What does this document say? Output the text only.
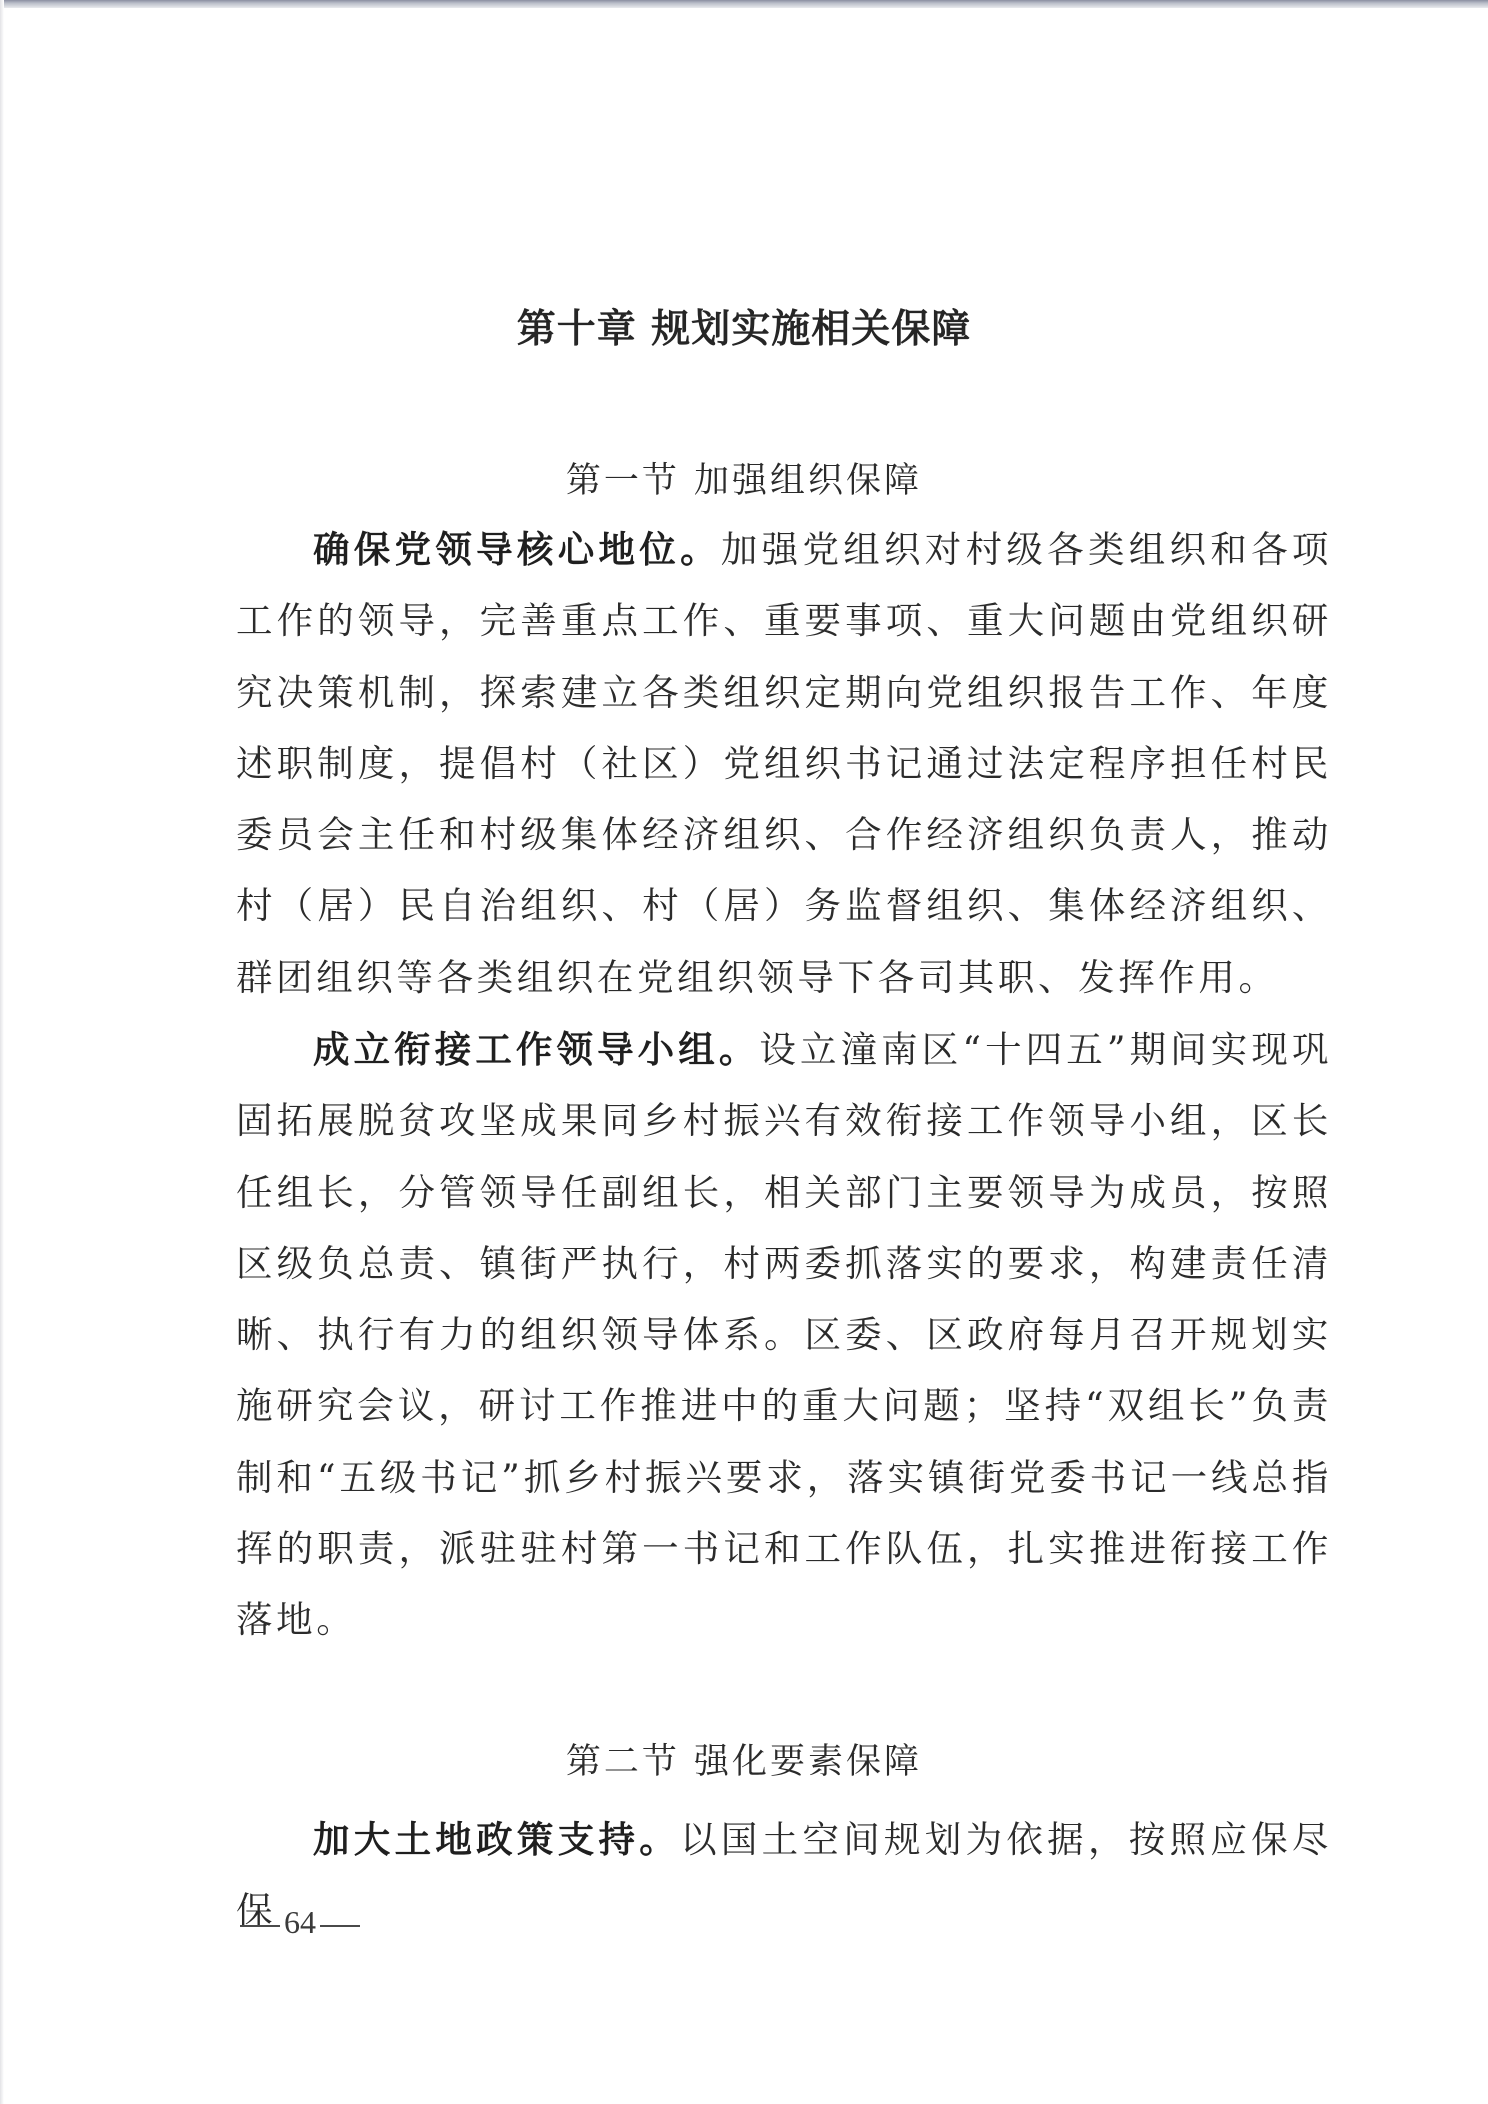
第十章 规划实施相关保障
第一节 加强组织保障

确保党领导核心地位。加强党组织对村级各类组织和各项工作的领导，完善重点工作、重要事项、重大问题由党组织研究决策机制，探索建立各类组织定期向党组织报告工作、年度述职制度，提倡村（社区）党组织书记通过法定程序担任村民委员会主任和村级集体经济组织、合作经济组织负责人，推动村（居）民自治组织、村（居）务监督组织、集体经济组织、群团组织等各类组织在党组织领导下各司其职、发挥作用。

成立衔接工作领导小组。设立潼南区“十四五”期间实现巩固拓展脱贫攻坚成果同乡村振兴有效衔接工作领导小组，区长任组长，分管领导任副组长，相关部门主要领导为成员，按照区级负总责、镇街严执行，村两委抓落实的要求，构建责任清晰、执行有力的组织领导体系。区委、区政府每月召开规划实施研究会议，研讨工作推进中的重大问题；坚持“双组长”负责制和“五级书记”抓乡村振兴要求，落实镇街党委书记一线总指挥的职责，派驻驻村第一书记和工作队伍，扎实推进衔接工作落地。

第二节 强化要素保障

加大土地政策支持。以国土空间规划为依据，按照应保尽保 64
